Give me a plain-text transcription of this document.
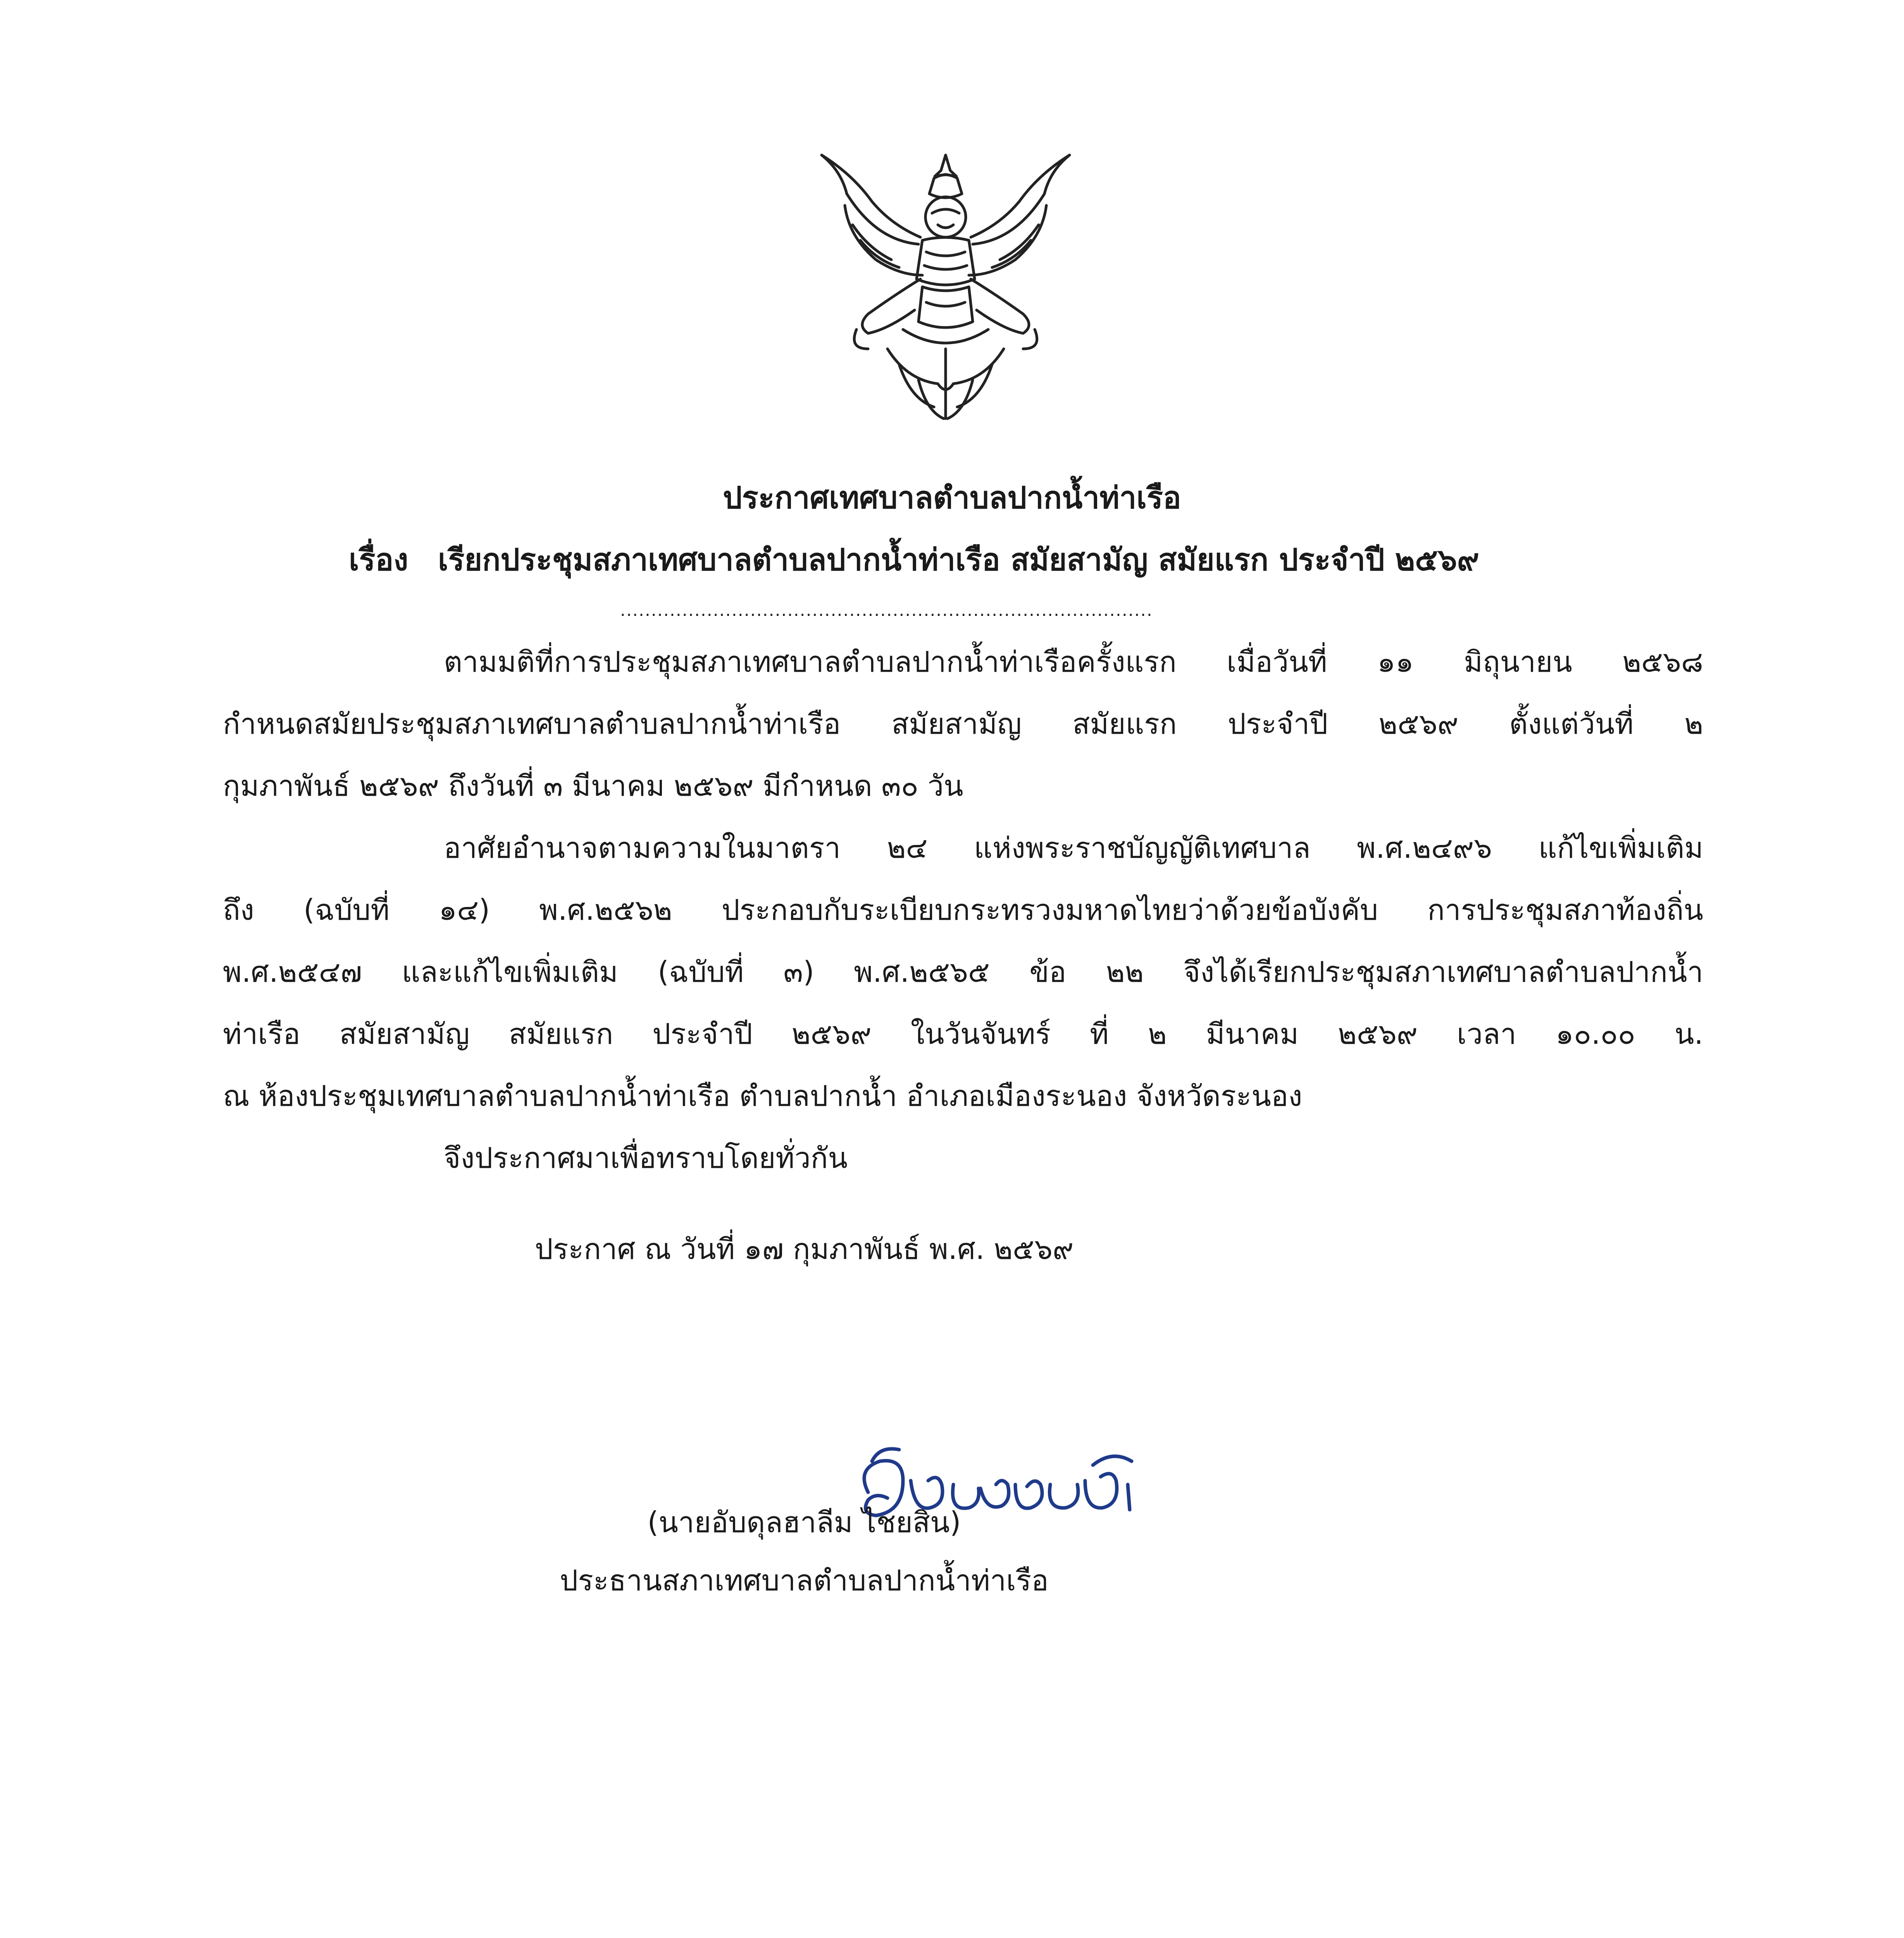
ประกาศเทศบาลตำบลปากน้ำท่าเรือ
เรื่อง เรียกประชุมสภาเทศบาลตำบลปากน้ำท่าเรือ สมัยสามัญ สมัยแรก ประจำปี ๒๕๖๙
......................................................................................
ตามมติที่การประชุมสภาเทศบาลตำบลปากน้ำท่าเรือครั้งแรก เมื่อวันที่ ๑๑ มิถุนายน ๒๕๖๘
กำหนดสมัยประชุมสภาเทศบาลตำบลปากน้ำท่าเรือ สมัยสามัญ สมัยแรก ประจำปี ๒๕๖๙ ตั้งแต่วันที่ ๒
กุมภาพันธ์ ๒๕๖๙ ถึงวันที่ ๓ มีนาคม ๒๕๖๙ มีกำหนด ๓๐ วัน
อาศัยอำนาจตามความในมาตรา ๒๔ แห่งพระราชบัญญัติเทศบาล พ.ศ.๒๔๙๖ แก้ไขเพิ่มเติม
ถึง (ฉบับที่ ๑๔) พ.ศ.๒๕๖๒ ประกอบกับระเบียบกระทรวงมหาดไทยว่าด้วยข้อบังคับ การประชุมสภาท้องถิ่น
พ.ศ.๒๕๔๗ และแก้ไขเพิ่มเติม (ฉบับที่ ๓) พ.ศ.๒๕๖๕ ข้อ ๒๒ จึงได้เรียกประชุมสภาเทศบาลตำบลปากน้ำ
ท่าเรือ สมัยสามัญ สมัยแรก ประจำปี ๒๕๖๙ ในวันจันทร์ ที่ ๒ มีนาคม ๒๕๖๙ เวลา ๑๐.๐๐ น.
ณ ห้องประชุมเทศบาลตำบลปากน้ำท่าเรือ ตำบลปากน้ำ อำเภอเมืองระนอง จังหวัดระนอง
จึงประกาศมาเพื่อทราบโดยทั่วกัน
ประกาศ ณ วันที่ ๑๗ กุมภาพันธ์ พ.ศ. ๒๕๖๙
(นายอับดุลฮาลีม ไชยสิน)
ประธานสภาเทศบาลตำบลปากน้ำท่าเรือ
